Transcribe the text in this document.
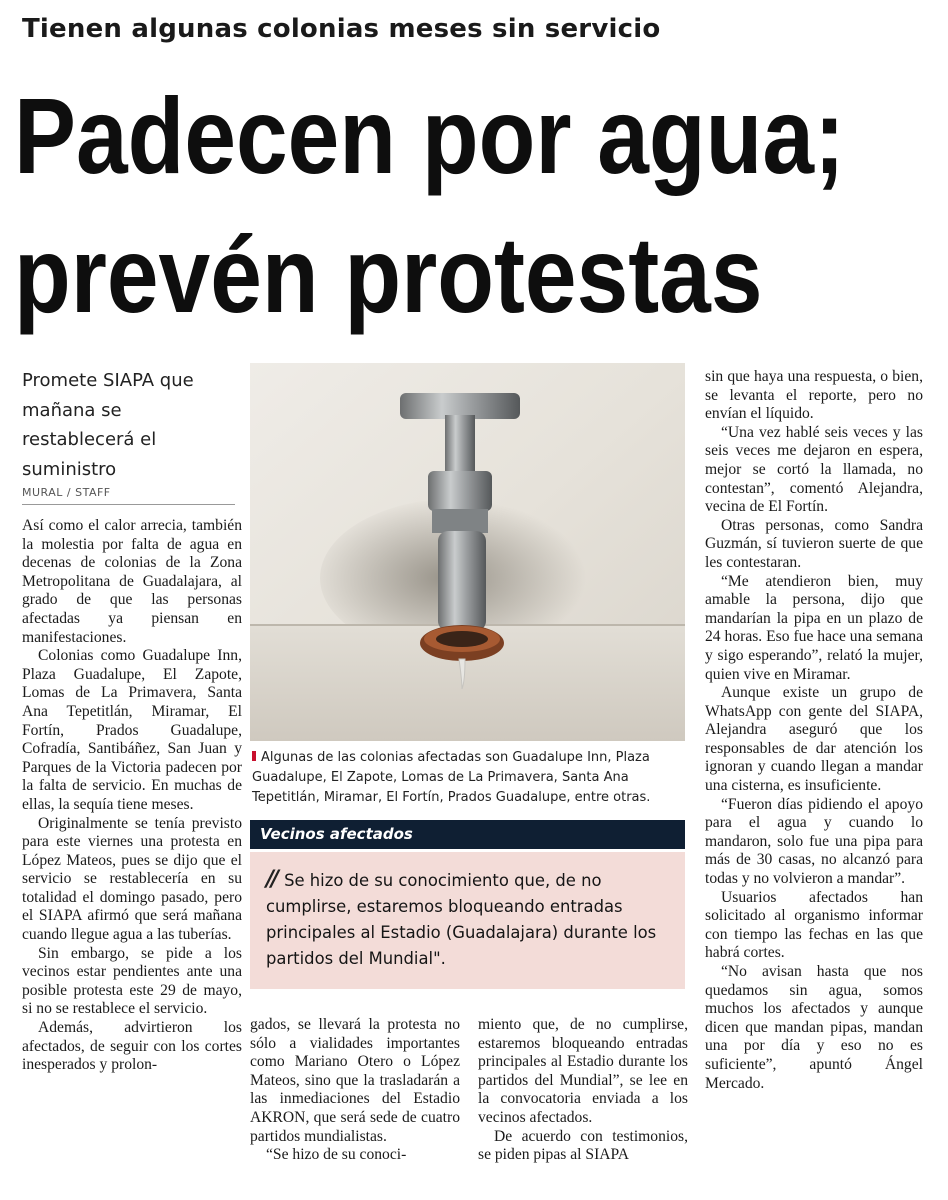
Tienen algunas colonias meses sin servicio
Padecen por agua;
prevén protestas
Promete SIAPA que mañana se restablecerá el suministro
MURAL / STAFF

Así como el calor arrecia, también la molestia por falta de agua en decenas de colonias de la Zona Metropolitana de Guadalajara, al grado de que las personas afectadas ya piensan en manifestaciones.

Colonias como Guadalupe Inn, Plaza Guadalupe, El Zapote, Lomas de La Primavera, Santa Ana Tepetitlán, Miramar, El Fortín, Prados Guadalupe, Cofradía, Santibáñez, San Juan y Parques de la Victoria padecen por la falta de servicio. En muchas de ellas, la sequía tiene meses.

Originalmente se tenía previsto para este viernes una protesta en López Mateos, pues se dijo que el servicio se restablecería en su totalidad el domingo pasado, pero el SIAPA afirmó que será mañana cuando llegue agua a las tuberías.

Sin embargo, se pide a los vecinos estar pendientes ante una posible protesta este 29 de mayo, si no se restablece el servicio.

Además, advirtieron los afectados, de seguir con los cortes inesperados y prolon-

Algunas de las colonias afectadas son Guadalupe Inn, Plaza Guadalupe, El Zapote, Lomas de La Primavera, Santa Ana Tepetitlán, Miramar, El Fortín, Prados Guadalupe, entre otras.
Vecinos afectados
// Se hizo de su conocimiento que, de no cumplirse, estaremos bloqueando entradas principales al Estadio (Guadalajara) durante los partidos del Mundial".

gados, se llevará la protesta no sólo a vialidades importantes como Mariano Otero o López Mateos, sino que la trasladarán a las inmediaciones del Estadio AKRON, que será sede de cuatro partidos mundialistas.

“Se hizo de su conoci-

miento que, de no cumplirse, estaremos bloqueando entradas principales al Estadio durante los partidos del Mundial”, se lee en la convocatoria enviada a los vecinos afectados.

De acuerdo con testimonios, se piden pipas al SIAPA

sin que haya una respuesta, o bien, se levanta el reporte, pero no envían el líquido.

“Una vez hablé seis veces y las seis veces me dejaron en espera, mejor se cortó la llamada, no contestan”, comentó Alejandra, vecina de El Fortín.

Otras personas, como Sandra Guzmán, sí tuvieron suerte de que les contestaran.

“Me atendieron bien, muy amable la persona, dijo que mandarían la pipa en un plazo de 24 horas. Eso fue hace una semana y sigo esperando”, relató la mujer, quien vive en Miramar.

Aunque existe un grupo de WhatsApp con gente del SIAPA, Alejandra aseguró que los responsables de dar atención los ignoran y cuando llegan a mandar una cisterna, es insuficiente.

“Fueron días pidiendo el apoyo para el agua y cuando lo mandaron, solo fue una pipa para más de 30 casas, no alcanzó para todas y no volvieron a mandar”.

Usuarios afectados han solicitado al organismo informar con tiempo las fechas en las que habrá cortes.

“No avisan hasta que nos quedamos sin agua, somos muchos los afectados y aunque dicen que mandan pipas, mandan una por día y eso no es suficiente”, apuntó Ángel Mercado.
